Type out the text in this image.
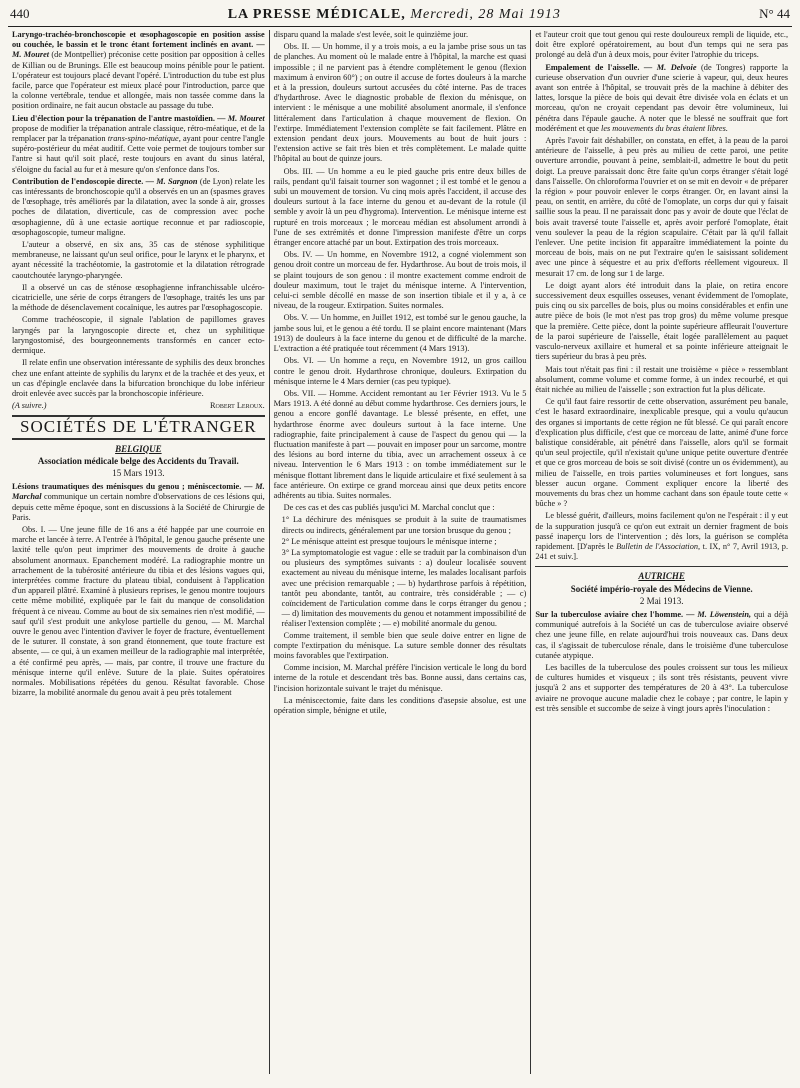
440	LA PRESSE MÉDICALE, Mercredi, 28 Mai 1913	N° 44

Laryngo-trachéo-bronchoscopie et œsophagoscopie en position assise ou couchée, le bassin et le tronc étant fortement inclinés en avant. — M. Mouret (de Montpellier) préconise cette position par opposition à celles de Killian ou de Brunings. Elle est beaucoup moins pénible pour le patient. L'opérateur est toujours placé devant l'opéré. L'introduction du tube est plus facile, parce que l'opérateur est mieux placé pour l'introduction, parce que la colonne vertébrale, tendue et allongée, mais non tassée comme dans la position ordinaire, ne fait aucun obstacle au passage du tube.

Lieu d'élection pour la trépanation de l'antre mastoïdien. — M. Mouret propose de modifier la trépanation antrale classique, rétro-méatique, et de la remplacer par la trépanation trans-spino-méatique, ayant pour centre l'angle supéro-postérieur du méat auditif. Cette voie permet de toujours tomber sur l'antre si haut qu'il soit placé, reste toujours en avant du sinus latéral, s'éloigne du facial au fur et à mesure qu'on s'enfonce dans l'os.

Contribution de l'endoscopie directe. — M. Sargnon (de Lyon) relate les cas intéressants de bronchoscopie qu'il a observés en un an (spasmes graves de l'œsophage, très améliorés par la dilatation, avec la sonde à air, grosses poches de dilatation, diverticule, cas de compression avec poche œsophagienne, dû à une ectasie aortique reconnue et par radioscopie, œsophagoscopie, tumeur maligne.

L'auteur a observé, en six ans, 35 cas de sténose syphilitique membraneuse, ne laissant qu'un seul orifice, pour le larynx et le pharynx, et ayant nécessité la trachéotomie, la gastrotomie et la dilatation rétrograde caoutchoutée laryngo-pharyngée.

Il a observé un cas de sténose œsophagienne infranchissable ulcéro-cicatricielle, une série de corps étrangers de l'œsophage, traités les uns par la méthode de désenclavement cocaïnique, les autres par l'œsophagoscopie.

Comme trachéoscopie, il signale l'ablation de papillomes graves laryngés par la laryngoscopie directe et, chez un syphilitique laryngostomisé, des bourgeonnements transformés en cancer ecto-dermique.

Il relate enfin une observation intéressante de syphilis des deux bronches chez une enfant atteinte de syphilis du larynx et de la trachée et des yeux, et un cas d'épingle enclavée dans la bifurcation bronchique du lobe inférieur droit enlevée avec succès par la bronchoscopie inférieure.

(A suivre.)	Robert Leroux.
SOCIÉTÉS DE L'ÉTRANGER
BELGIQUE
Association médicale belge des Accidents du Travail.
15 Mars 1913.

Lésions traumatiques des ménisques du genou ; méniscectomie. — M. Marchal communique un certain nombre d'observations de ces lésions qui, depuis cette même époque, sont en discussions à la Société de Chirurgie de Paris.

Obs. I. — Une jeune fille de 16 ans a été happée par une courroie en marche et lancée à terre. A l'entrée à l'hôpital, le genou gauche présente une laxité telle qu'on peut imprimer des mouvements de droite à gauche absolument anormaux. Epanchement modéré. La radiographie montre un arrachement de la tubérosité antérieure du tibia et des lésions vagues qui, interprétées comme fracture du plateau tibial, conduisent à l'application d'un appareil plâtré. Examiné à plusieurs reprises, le genou montre toujours cette même mobilité, expliquée par le fait du manque de consolidation fréquent à ce niveau. Comme au bout de six semaines rien n'est modifié, — sauf qu'il s'est produit une ankylose partielle du genou, — M. Marchal ouvre le genou avec l'intention d'aviver le foyer de fracture, éventuellement de le suturer. Il constate, à son grand étonnement, que toute fracture est absente, — ce qui, à un examen meilleur de la radiographie mal interprétée, a été confirmé peu après, — mais, par contre, il trouve une fracture du ménisque interne qu'il enlève. Suture de la plaie. Suites opératoires normales. Mobilisations répétées du genou. Résultat favorable. Chose bizarre, la mobilité anormale du genou avait à peu près totalement

disparu quand la malade s'est levée, soit le quinzième jour.

Obs. II. — Un homme, il y a trois mois, a eu la jambe prise sous un tas de planches. Au moment où le malade entre à l'hôpital, la marche est quasi impossible ; il ne parvient pas à étendre complètement le genou (flexion maximum à environ 60°) ; on outre il accuse de fortes douleurs à la marche et à la pression, douleurs surtout accusées du côté interne. Pas de traces d'hydarthrose. Avec le diagnostic probable de flexion du ménisque, on intervient : le ménisque a une mobilité absolument anormale, il s'enfonce littéralement dans l'articulation à chaque mouvement de flexion. On l'extirpe. Immédiatement l'extension complète se fait facilement. Plâtre en extension pendant deux jours. Mouvements au bout de huit jours : l'extension active se fait très bien et très complètement. Le malade quitte l'hôpital au bout de quinze jours.

Obs. III. — Un homme a eu le pied gauche pris entre deux billes de rails, pendant qu'il faisait tourner son wagonnet ; il est tombé et le genou a subi un mouvement de torsion. Vu cinq mois après l'accident, il accuse des douleurs surtout à la face interne du genou et au-devant de la rotule (il semble y avoir là un peu d'hygroma). Intervention. Le ménisque interne est rupturé en trois morceaux ; le morceau médian est absolument arrondi à l'une de ses extrémités et donne l'impression manifeste d'être un corps étranger encore attaché par un bout. Extirpation des trois morceaux.

Obs. IV. — Un homme, en Novembre 1912, a cogné violemment son genou droit contre un morceau de fer. Hydarthrose. Au bout de trois mois, il se plaint toujours de son genou : il montre exactement comme endroit de douleur maximum, tout le trajet du ménisque interne. A l'intervention, celui-ci semble décollé en masse de son insertion tibiale et il y a, à ce niveau, de la rougeur. Extirpation. Suites normales.

Obs. V. — Un homme, en Juillet 1912, est tombé sur le genou gauche, la jambe sous lui, et le genou a été tordu. Il se plaint encore maintenant (Mars 1913) de douleurs à la face interne du genou et de difficulté de la marche. L'extraction a été pratiquée tout récemment (4 Mars 1913).

Obs. VI. — Un homme a reçu, en Novembre 1912, un gros caillou contre le genou droit. Hydarthrose chronique, douleurs. Extirpation du ménisque interne le 4 Mars dernier (cas peu typique).

Obs. VII. — Homme. Accident remontant au 1er Février 1913. Vu le 5 Mars 1913. A été donné au début comme hydarthrose. Ces derniers jours, le genou a encore gonflé davantage. Le blessé présente, en effet, une hydarthrose énorme avec douleurs surtout à la face interne. Une radiographie, faite principalement à cause de l'aspect du genou qui — la fluctuation manifeste à part — pouvait en imposer pour un sarcome, montre des lésions au bord interne du tibia, avec un arrachement osseux à ce niveau. Intervention le 6 Mars 1913 : on tombe immédiatement sur le ménisque flottant librement dans le liquide articulaire et fixé seulement à sa face antérieure. On extirpe ce grand morceau ainsi que deux petits encore adhérents au tibia. Suites normales.

De ces cas et des cas publiés jusqu'ici M. Marchal conclut que :

1° La déchirure des ménisques se produit à la suite de traumatismes directs ou indirects, généralement par une torsion brusque du genou ;

2° Le ménisque atteint est presque toujours le ménisque interne ;

3° La symptomatologie est vague : elle se traduit par la combinaison d'un ou plusieurs des symptômes suivants : a) douleur localisée souvent exactement au niveau du ménisque interne, les malades localisant parfois avec une précision remarquable ; — b) hydarthrose parfois à répétition, tantôt peu abondante, tantôt, au contraire, très considérable ; — c) coïncidement de l'articulation comme dans le corps étranger du genou ; — d) limitation des mouvements du genou et notamment impossibilité de réaliser l'extension complète ; — e) mobilité anormale du genou.

Comme traitement, il semble bien que seule doive entrer en ligne de compte l'extirpation du ménisque. La suture semble donner des résultats moins favorables que l'extirpation.

Comme incision, M. Marchal préfère l'incision verticale le long du bord interne de la rotule et descendant très bas. Bonne aussi, dans certains cas, l'incision horizontale suivant le trajet du ménisque.

La méniscectomie, faite dans les conditions d'asepsie absolue, est une opération simple, bénigne et utile,

et l'auteur croit que tout genou qui reste douloureux rempli de liquide, etc., doit être exploré opératoirement, au bout d'un temps qui ne sera pas prolongé au delà d'un à deux mois, pour éviter l'atrophie du triceps.

Empalement de l'aisselle. — M. Delvoie (de Tongres) rapporte la curieuse observation d'un ouvrier d'une scierie à vapeur, qui, deux heures avant son entrée à l'hôpital, se trouvait près de la machine à débiter des lattes, lorsque la pièce de bois qui devait être divisée vola en éclats et un morceau, qu'on ne croyait cependant pas devoir être volumineux, lui pénétra dans l'épaule gauche. A noter que le blessé ne souffrait que fort modérément et que les mouvements du bras étaient libres.

Après l'avoir fait déshabiller, on constata, en effet, à la peau de la paroi antérieure de l'aisselle, à peu près au milieu de cette paroi, une petite ouverture arrondie, pouvant à peine, semblait-il, admettre le bout du petit doigt. La preuve paraissait donc être faite qu'un corps étranger s'était logé dans l'aisselle. On chloroforma l'ouvrier et on se mit en devoir « de préparer la région » pour pouvoir enlever le corps étranger. Or, en lavant ainsi la peau, on sentit, en arrière, du côté de l'omoplate, un corps dur qui y faisait saillie sous la peau. Il ne paraissait donc pas y avoir de doute que l'éclat de bois avait traversé toute l'aisselle et, après avoir perforé l'omoplate, était venu soulever la peau de la région scapulaire. C'était par là qu'il fallait l'enlever. Une petite incision fit apparaître immédiatement la pointe du morceau de bois, mais on ne put l'extraire qu'en le saisissant solidement avec une pince à séquestre et au prix d'efforts réellement vigoureux. Il mesurait 17 cm. de long sur 1 de large.

Le doigt ayant alors été introduit dans la plaie, on retira encore successivement deux esquilles osseuses, venant évidemment de l'omoplate, puis cinq ou six parcelles de bois, plus ou moins considérables et enfin une autre pièce de bois (le mot n'est pas trop gros) du même volume presque que la première. Cette pièce, dont la pointe supérieure affleurait l'ouverture de la paroi supérieure de l'aisselle, était logée parallèlement au paquet vasculo-nerveux axillaire et humeral et sa pointe inférieure atteignait le tiers supérieur du bras à peu près.

Mais tout n'était pas fini : il restait une troisième « pièce » ressemblant absolument, comme volume et comme forme, à un index recourbé, et qui était nichée au milieu de l'aisselle ; son extraction fut la plus délicate.

Ce qu'il faut faire ressortir de cette observation, assurément peu banale, c'est le hasard extraordinaire, inexplicable presque, qui a voulu qu'aucun des organes si importants de cette région ne fût blessé. Ce qui paraît encore d'explication plus difficile, c'est que ce morceau de latte, animé d'une force balistique considérable, ait pénétré dans l'aisselle, alors qu'il se formait qu'un seul projectile, qu'il n'existait qu'une unique petite ouverture d'entrée et que ce gros morceau de bois se soit divisé (contre un os évidemment), au milieu de l'aisselle, en trois parties volumineuses et fort longues, sans blesser aucun organe. Comment expliquer encore la liberté des mouvements du bras chez un homme cachant dans son épaule toute cette « bûche » ?

Le blessé guérit, d'ailleurs, moins facilement qu'on ne l'espérait : il y eut de la suppuration jusqu'à ce qu'on eut extrait un dernier fragment de bois passé inaperçu lors de l'intervention ; dès lors, la guérison se compléta rapidement. [D'après le Bulletin de l'Association, t. IX, n° 7, Avril 1913, p. 241 et suiv.].

AUTRICHE
Société império-royale des Médecins de Vienne.
2 Mai 1913.

Sur la tuberculose aviaire chez l'homme. — M. Löwenstein, qui a déjà communiqué autrefois à la Société un cas de tuberculose aviaire observé chez une jeune fille, en relate aujourd'hui trois nouveaux cas. Dans deux cas, il s'agissait de tuberculose rénale, dans le troisième d'une tuberculose cutanée atypique.

Les bacilles de la tuberculose des poules croissent sur tous les milieux de cultures humides et visqueux ; ils sont très résistants, peuvent vivre jusqu'à 2 ans et supporter des températures de 20 à 43°. La tuberculose aviaire ne provoque aucune maladie chez le cobaye ; par contre, le lapin y est très sensible et succombe de seize à vingt jours après l'inoculation :
